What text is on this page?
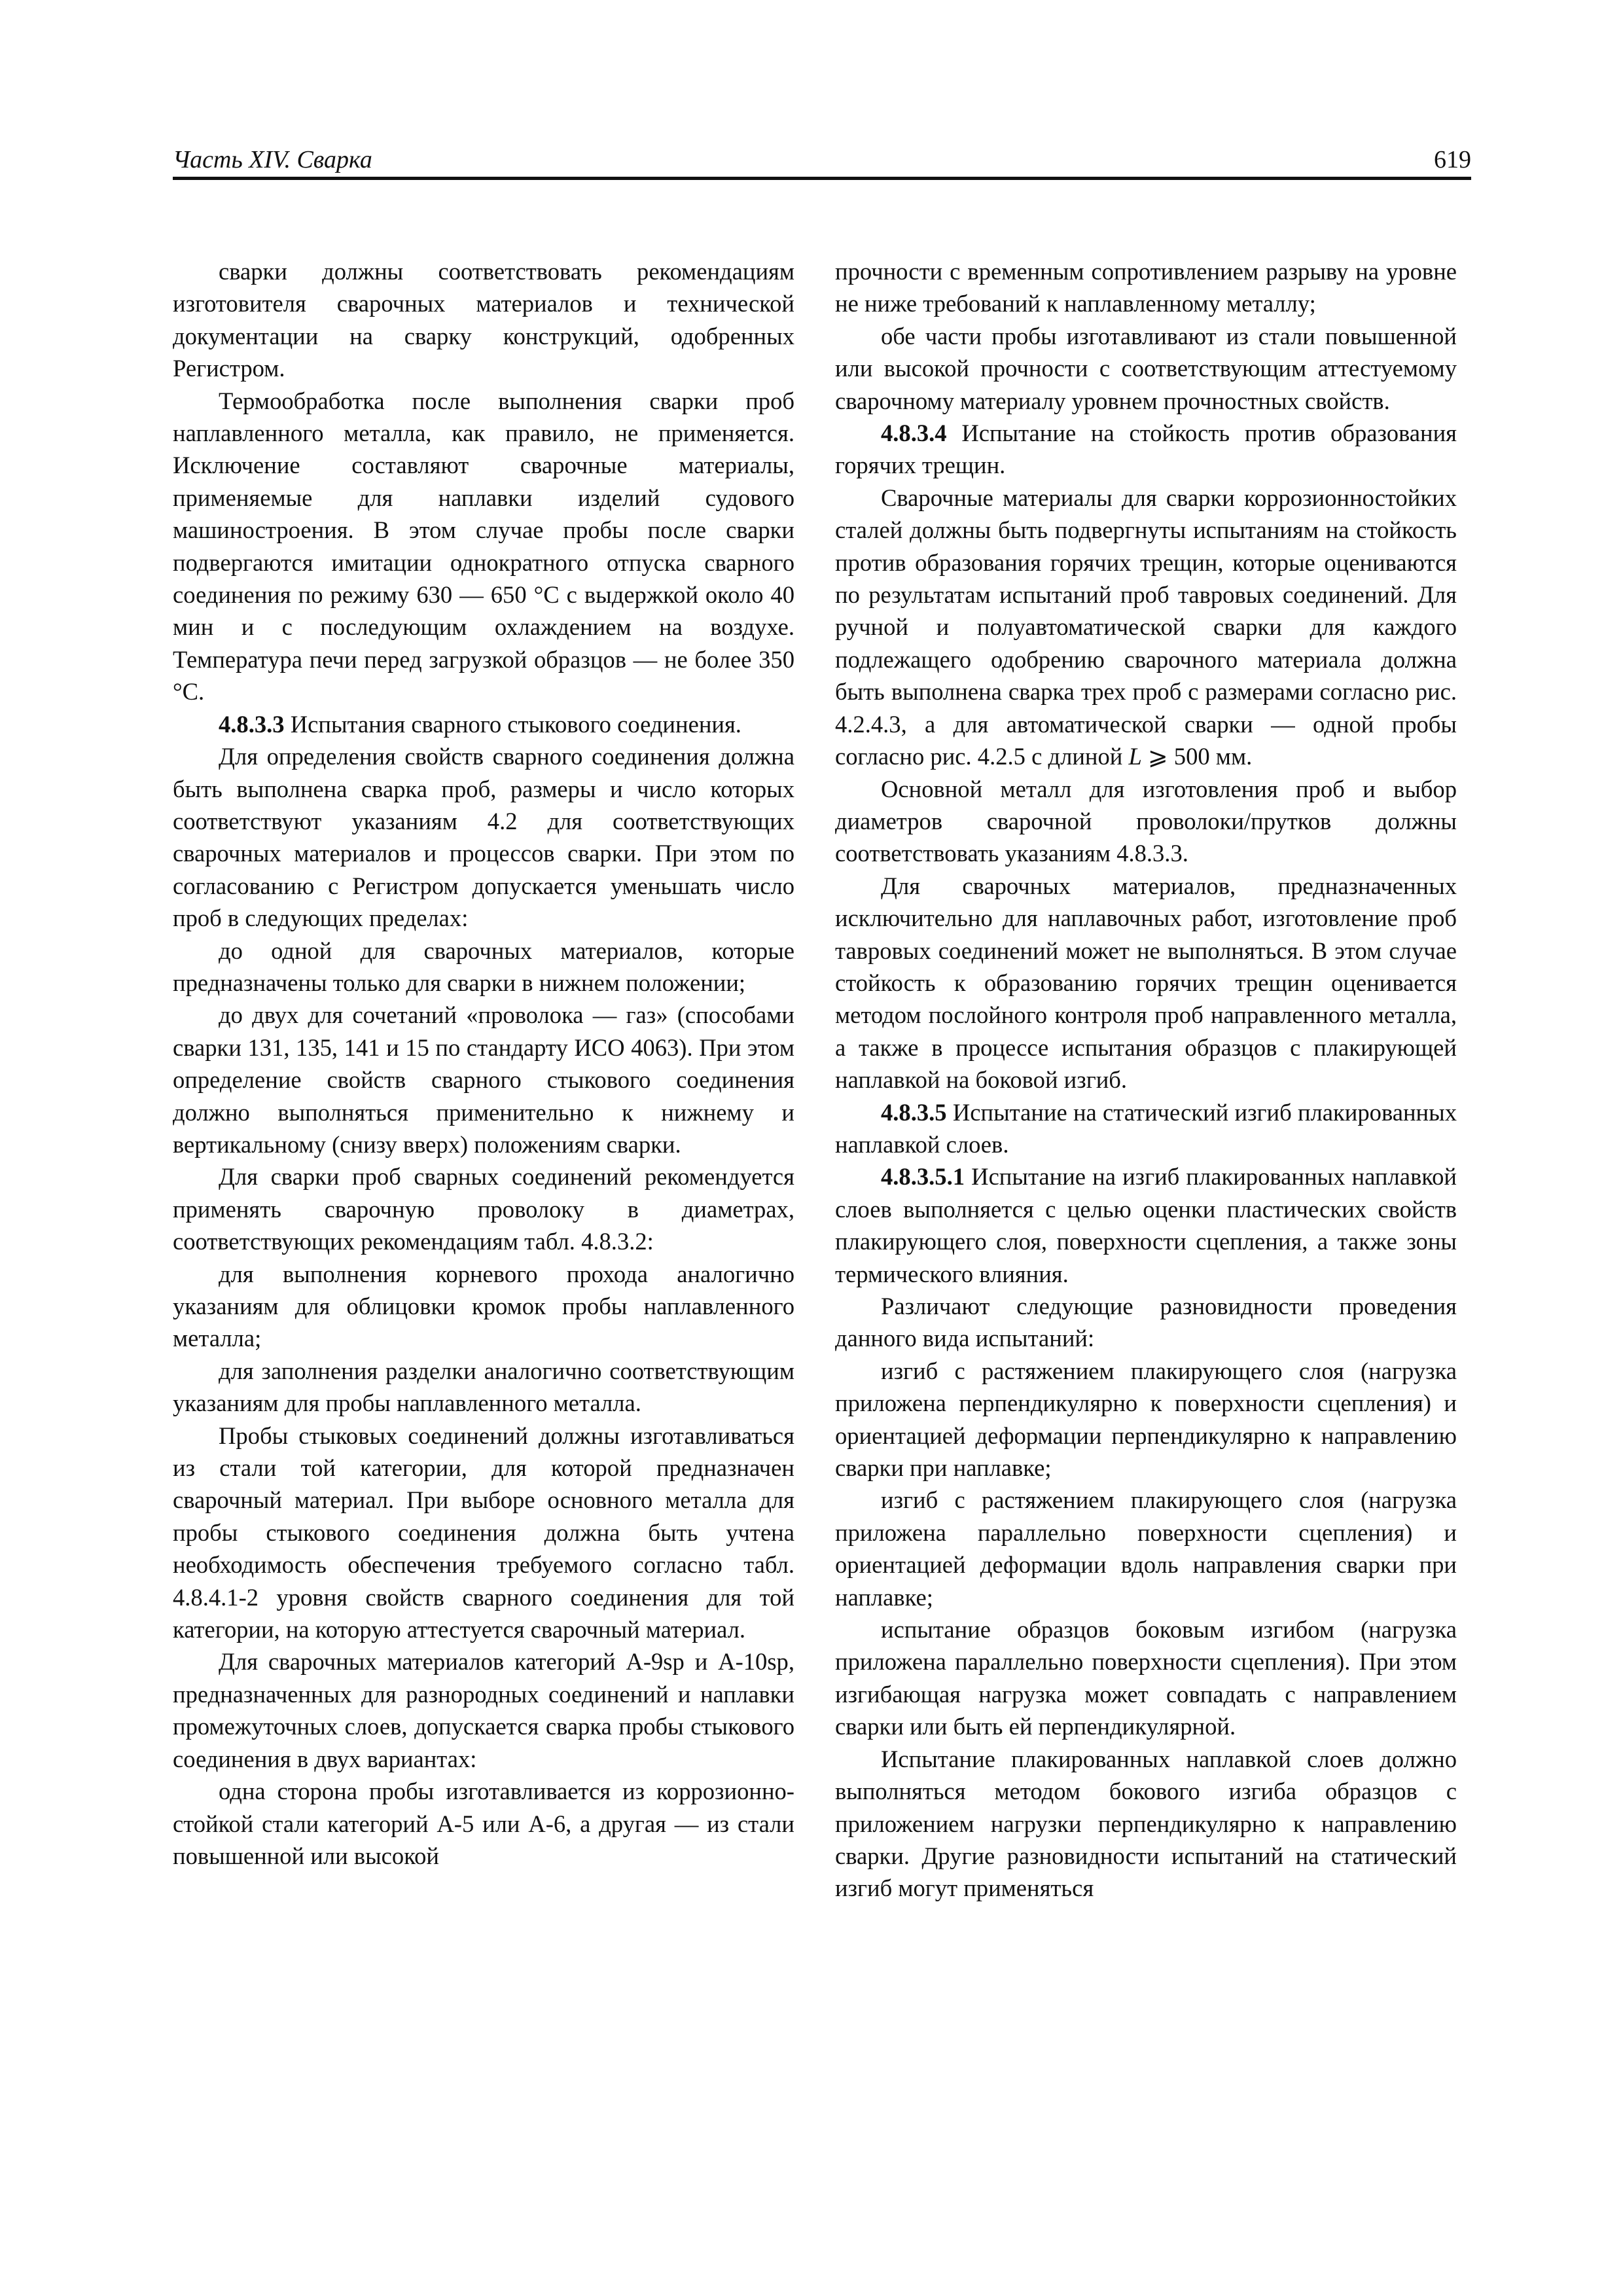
Часть XIV. Сварка	619

сварки должны соответствовать рекомендациям изготовителя сварочных материалов и технической документации на сварку конструкций, одобренных Регистром.

Термообработка после выполнения сварки проб наплавленного металла, как правило, не применяется. Исключение составляют сварочные материалы, применяемые для наплавки изделий судового машиностроения. В этом случае пробы после сварки подвергаются имитации однократного отпуска сварного соединения по режиму 630 — 650 °C с выдержкой около 40 мин и с последующим охлаждением на воздухе. Температура печи перед загрузкой образцов — не более 350 °C.

4.8.3.3 Испытания сварного стыкового соединения.

Для определения свойств сварного соединения должна быть выполнена сварка проб, размеры и число которых соответствуют указаниям 4.2 для соответствующих сварочных материалов и процессов сварки. При этом по согласованию с Регистром допускается уменьшать число проб в следующих пределах:

до одной для сварочных материалов, которые предназначены только для сварки в нижнем положении;

до двух для сочетаний «проволока — газ» (способами сварки 131, 135, 141 и 15 по стандарту ИСО 4063). При этом определение свойств сварного стыкового соединения должно выполняться применительно к нижнему и вертикальному (снизу вверх) положениям сварки.

Для сварки проб сварных соединений рекомендуется применять сварочную проволоку в диаметрах, соответствующих рекомендациям табл. 4.8.3.2:

для выполнения корневого прохода аналогично указаниям для облицовки кромок пробы наплавленного металла;

для заполнения разделки аналогично соответствующим указаниям для пробы наплавленного металла.

Пробы стыковых соединений должны изготавливаться из стали той категории, для которой предназначен сварочный материал. При выборе основного металла для пробы стыкового соединения должна быть учтена необходимость обеспечения требуемого согласно табл. 4.8.4.1-2 уровня свойств сварного соединения для той категории, на которую аттестуется сварочный материал.

Для сварочных материалов категорий A-9sp и A-10sp, предназначенных для разнородных соединений и наплавки промежуточных слоев, допускается сварка пробы стыкового соединения в двух вариантах:

одна сторона пробы изготавливается из коррозионно-стойкой стали категорий A-5 или A-6, а другая — из стали повышенной или высокой

прочности с временным сопротивлением разрыву на уровне не ниже требований к наплавленному металлу;

обе части пробы изготавливают из стали повышенной или высокой прочности с соответствующим аттестуемому сварочному материалу уровнем прочностных свойств.

4.8.3.4 Испытание на стойкость против образования горячих трещин.

Сварочные материалы для сварки коррозионностойких сталей должны быть подвергнуты испытаниям на стойкость против образования горячих трещин, которые оцениваются по результатам испытаний проб тавровых соединений. Для ручной и полуавтоматической сварки для каждого подлежащего одобрению сварочного материала должна быть выполнена сварка трех проб с размерами согласно рис. 4.2.4.3, а для автоматической сварки — одной пробы согласно рис. 4.2.5 с длиной L ⩾ 500 мм.

Основной металл для изготовления проб и выбор диаметров сварочной проволоки/прутков должны соответствовать указаниям 4.8.3.3.

Для сварочных материалов, предназначенных исключительно для наплавочных работ, изготовление проб тавровых соединений может не выполняться. В этом случае стойкость к образованию горячих трещин оценивается методом послойного контроля проб направленного металла, а также в процессе испытания образцов с плакирующей наплавкой на боковой изгиб.

4.8.3.5 Испытание на статический изгиб плакированных наплавкой слоев.

4.8.3.5.1 Испытание на изгиб плакированных наплавкой слоев выполняется с целью оценки пластических свойств плакирующего слоя, поверхности сцепления, а также зоны термического влияния.

Различают следующие разновидности проведения данного вида испытаний:

изгиб с растяжением плакирующего слоя (нагрузка приложена перпендикулярно к поверхности сцепления) и ориентацией деформации перпендикулярно к направлению сварки при наплавке;

изгиб с растяжением плакирующего слоя (нагрузка приложена параллельно поверхности сцепления) и ориентацией деформации вдоль направления сварки при наплавке;

испытание образцов боковым изгибом (нагрузка приложена параллельно поверхности сцепления). При этом изгибающая нагрузка может совпадать с направлением сварки или быть ей перпендикулярной.

Испытание плакированных наплавкой слоев должно выполняться методом бокового изгиба образцов с приложением нагрузки перпендикулярно к направлению сварки. Другие разновидности испытаний на статический изгиб могут применяться
